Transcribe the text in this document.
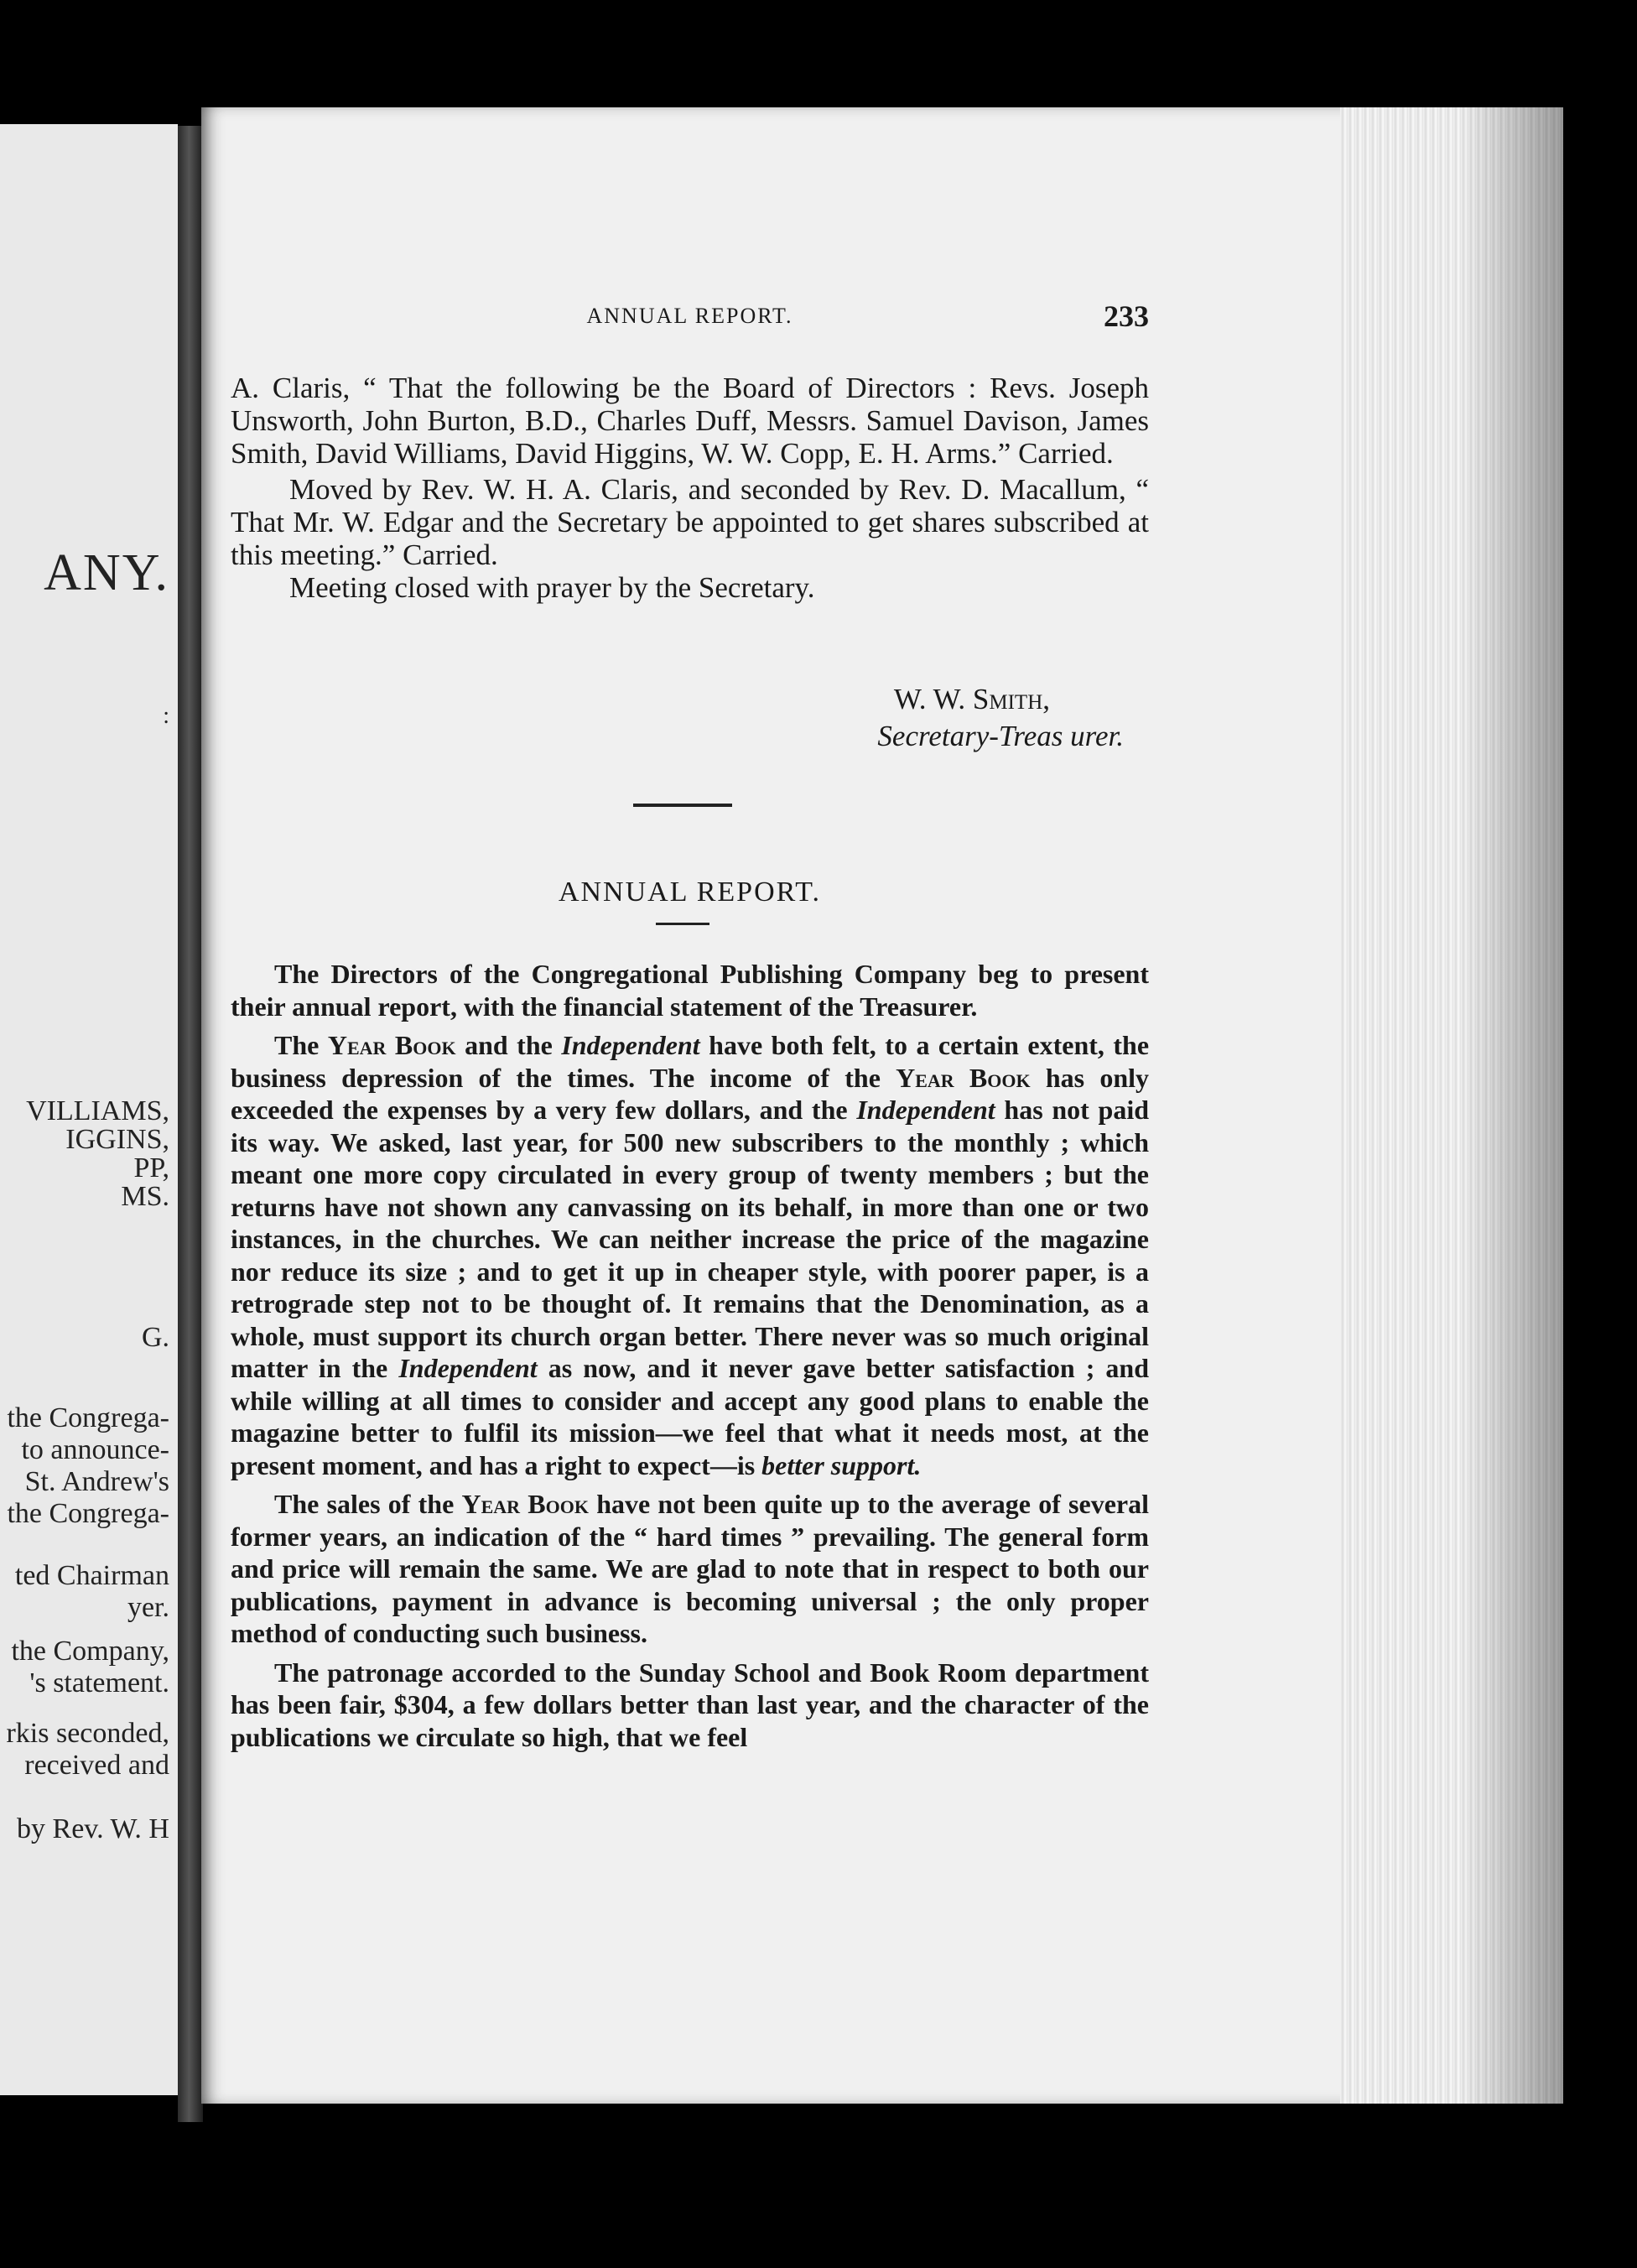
ANY.
:
VILLIAMS,
IGGINS,
PP,
MS.
G.
the Congrega-
to announce-
St. Andrew's
the Congrega-
ted Chairman
yer.
the Company,
's statement.
rkis seconded,
received and
by Rev. W. H
ANNUAL REPORT.	233

A. Claris, “ That the following be the Board of Directors : Revs. Joseph Unsworth, John Burton, B.D., Charles Duff, Messrs. Samuel Davison, James Smith, David Williams, David Higgins, W. W. Copp, E. H. Arms.” Carried.

Moved by Rev. W. H. A. Claris, and seconded by Rev. D. Macallum, “ That Mr. W. Edgar and the Secretary be appointed to get shares subscribed at this meeting.” Carried.

Meeting closed with prayer by the Secretary.

W. W. Smith,
Secretary-Treas urer.
ANNUAL REPORT.

The Directors of the Congregational Publishing Company beg to present their annual report, with the financial statement of the Treasurer.

The Year Book and the Independent have both felt, to a certain extent, the business depression of the times. The income of the Year Book has only exceeded the expenses by a very few dollars, and the Independent has not paid its way. We asked, last year, for 500 new subscribers to the monthly ; which meant one more copy circulated in every group of twenty members ; but the returns have not shown any canvassing on its behalf, in more than one or two instances, in the churches. We can neither increase the price of the magazine nor reduce its size ; and to get it up in cheaper style, with poorer paper, is a retrograde step not to be thought of. It remains that the Denomination, as a whole, must support its church organ better. There never was so much original matter in the Independent as now, and it never gave better satisfaction ; and while willing at all times to consider and accept any good plans to enable the magazine better to fulfil its mission—we feel that what it needs most, at the present moment, and has a right to expect—is better support.

The sales of the Year Book have not been quite up to the average of several former years, an indication of the “ hard times ” prevailing. The general form and price will remain the same. We are glad to note that in respect to both our publications, payment in advance is becoming universal ; the only proper method of conducting such business.

The patronage accorded to the Sunday School and Book Room department has been fair, $304, a few dollars better than last year, and the character of the publications we circulate so high, that we feel
